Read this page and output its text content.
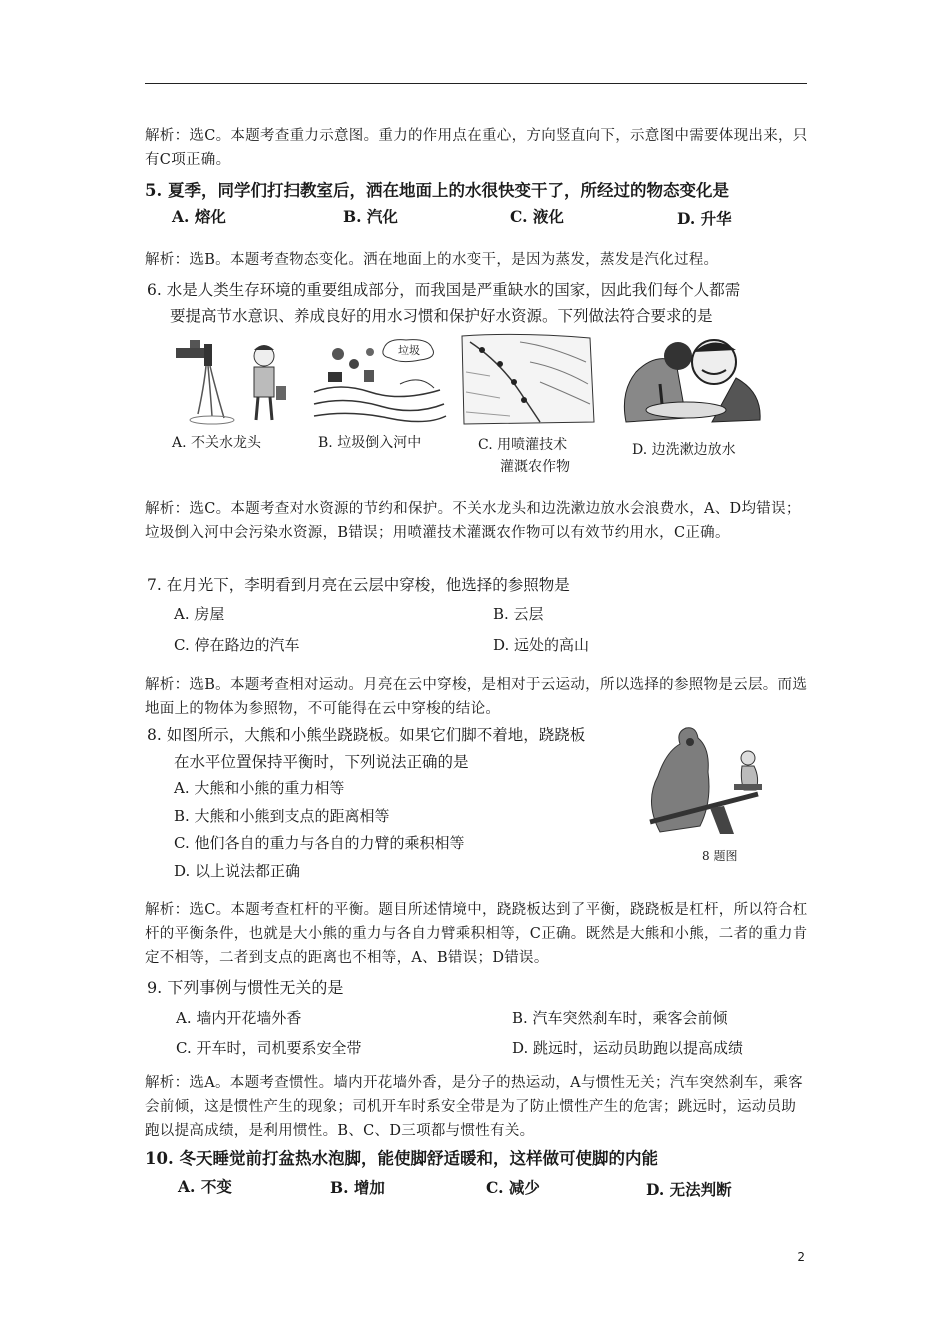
解析：选C。本题考查重力示意图。重力的作用点在重心，方向竖直向下，示意图中需要体现出来，只有C项正确。
5. 夏季，同学们打扫教室后，洒在地面上的水很快变干了，所经过的物态变化是
A. 熔化	B. 汽化	C. 液化	D. 升华
解析：选B。本题考查物态变化。洒在地面上的水变干，是因为蒸发，蒸发是汽化过程。
6. 水是人类生存环境的重要组成部分，而我国是严重缺水的国家，因此我们每个人都需
要提高节水意识、养成良好的用水习惯和保护好水资源。下列做法符合要求的是
A. 不关水龙头
垃圾
B. 垃圾倒入河中	C. 用喷灌技术
灌溉农作物
D. 边洗漱边放水
解析：选C。本题考查对水资源的节约和保护。不关水龙头和边洗漱边放水会浪费水，A、D均错误；垃圾倒入河中会污染水资源，B错误；用喷灌技术灌溉农作物可以有效节约用水，C正确。
7. 在月光下，李明看到月亮在云层中穿梭，他选择的参照物是
A. 房屋	B. 云层
C. 停在路边的汽车	D. 远处的高山
解析：选B。本题考查相对运动。月亮在云中穿梭，是相对于云运动，所以选择的参照物是云层。而选地面上的物体为参照物，不可能得在云中穿梭的结论。
8. 如图所示，大熊和小熊坐跷跷板。如果它们脚不着地，跷跷板
在水平位置保持平衡时，下列说法正确的是
A. 大熊和小熊的重力相等
B. 大熊和小熊到支点的距离相等
C. 他们各自的重力与各自的力臂的乘积相等
D. 以上说法都正确
8 题图
解析：选C。本题考查杠杆的平衡。题目所述情境中，跷跷板达到了平衡，跷跷板是杠杆，所以符合杠杆的平衡条件，也就是大小熊的重力与各自力臂乘积相等，C正确。既然是大熊和小熊，二者的重力肯定不相等，二者到支点的距离也不相等，A、B错误；D错误。
9. 下列事例与惯性无关的是
A. 墙内开花墙外香	B. 汽车突然刹车时，乘客会前倾
C. 开车时，司机要系安全带	D. 跳远时，运动员助跑以提高成绩
解析：选A。本题考查惯性。墙内开花墙外香，是分子的热运动，A与惯性无关；汽车突然刹车，乘客会前倾，这是惯性产生的现象；司机开车时系安全带是为了防止惯性产生的危害；跳远时，运动员助跑以提高成绩，是利用惯性。B、C、D三项都与惯性有关。
10. 冬天睡觉前打盆热水泡脚，能使脚舒适暖和，这样做可使脚的内能
A. 不变	B. 增加	C. 减少	D. 无法判断
2
